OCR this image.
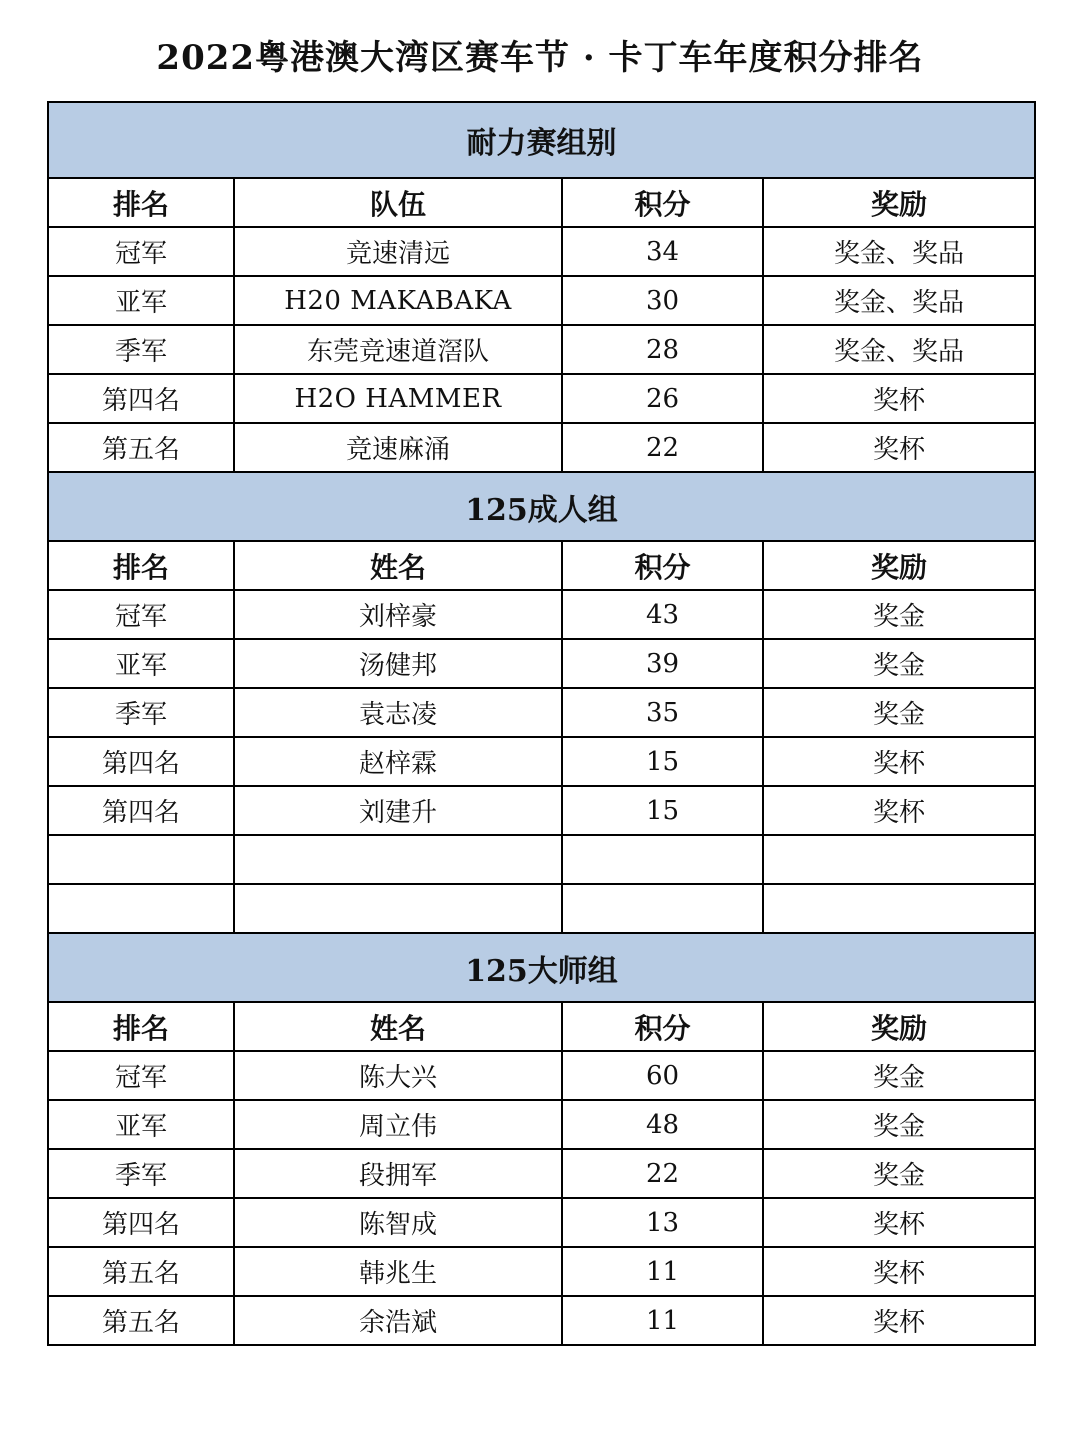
2022粤港澳大湾区赛车节 · 卡丁车年度积分排名
耐力赛组别			
排名	队伍	积分	奖励
冠军	竞速清远	34	奖金、奖品
亚军	H20 MAKABAKA	30	奖金、奖品
季军	东莞竞速道滘队	28	奖金、奖品
第四名	H2O HAMMER	26	奖杯
第五名	竞速麻涌	22	奖杯
125成人组			
排名	姓名	积分	奖励
冠军	刘梓豪	43	奖金
亚军	汤健邦	39	奖金
季军	袁志凌	35	奖金
第四名	赵梓霖	15	奖杯
第四名	刘建升	15	奖杯

125大师组			
排名	姓名	积分	奖励
冠军	陈大兴	60	奖金
亚军	周立伟	48	奖金
季军	段拥军	22	奖金
第四名	陈智成	13	奖杯
第五名	韩兆生	11	奖杯
第五名	余浩斌	11	奖杯
